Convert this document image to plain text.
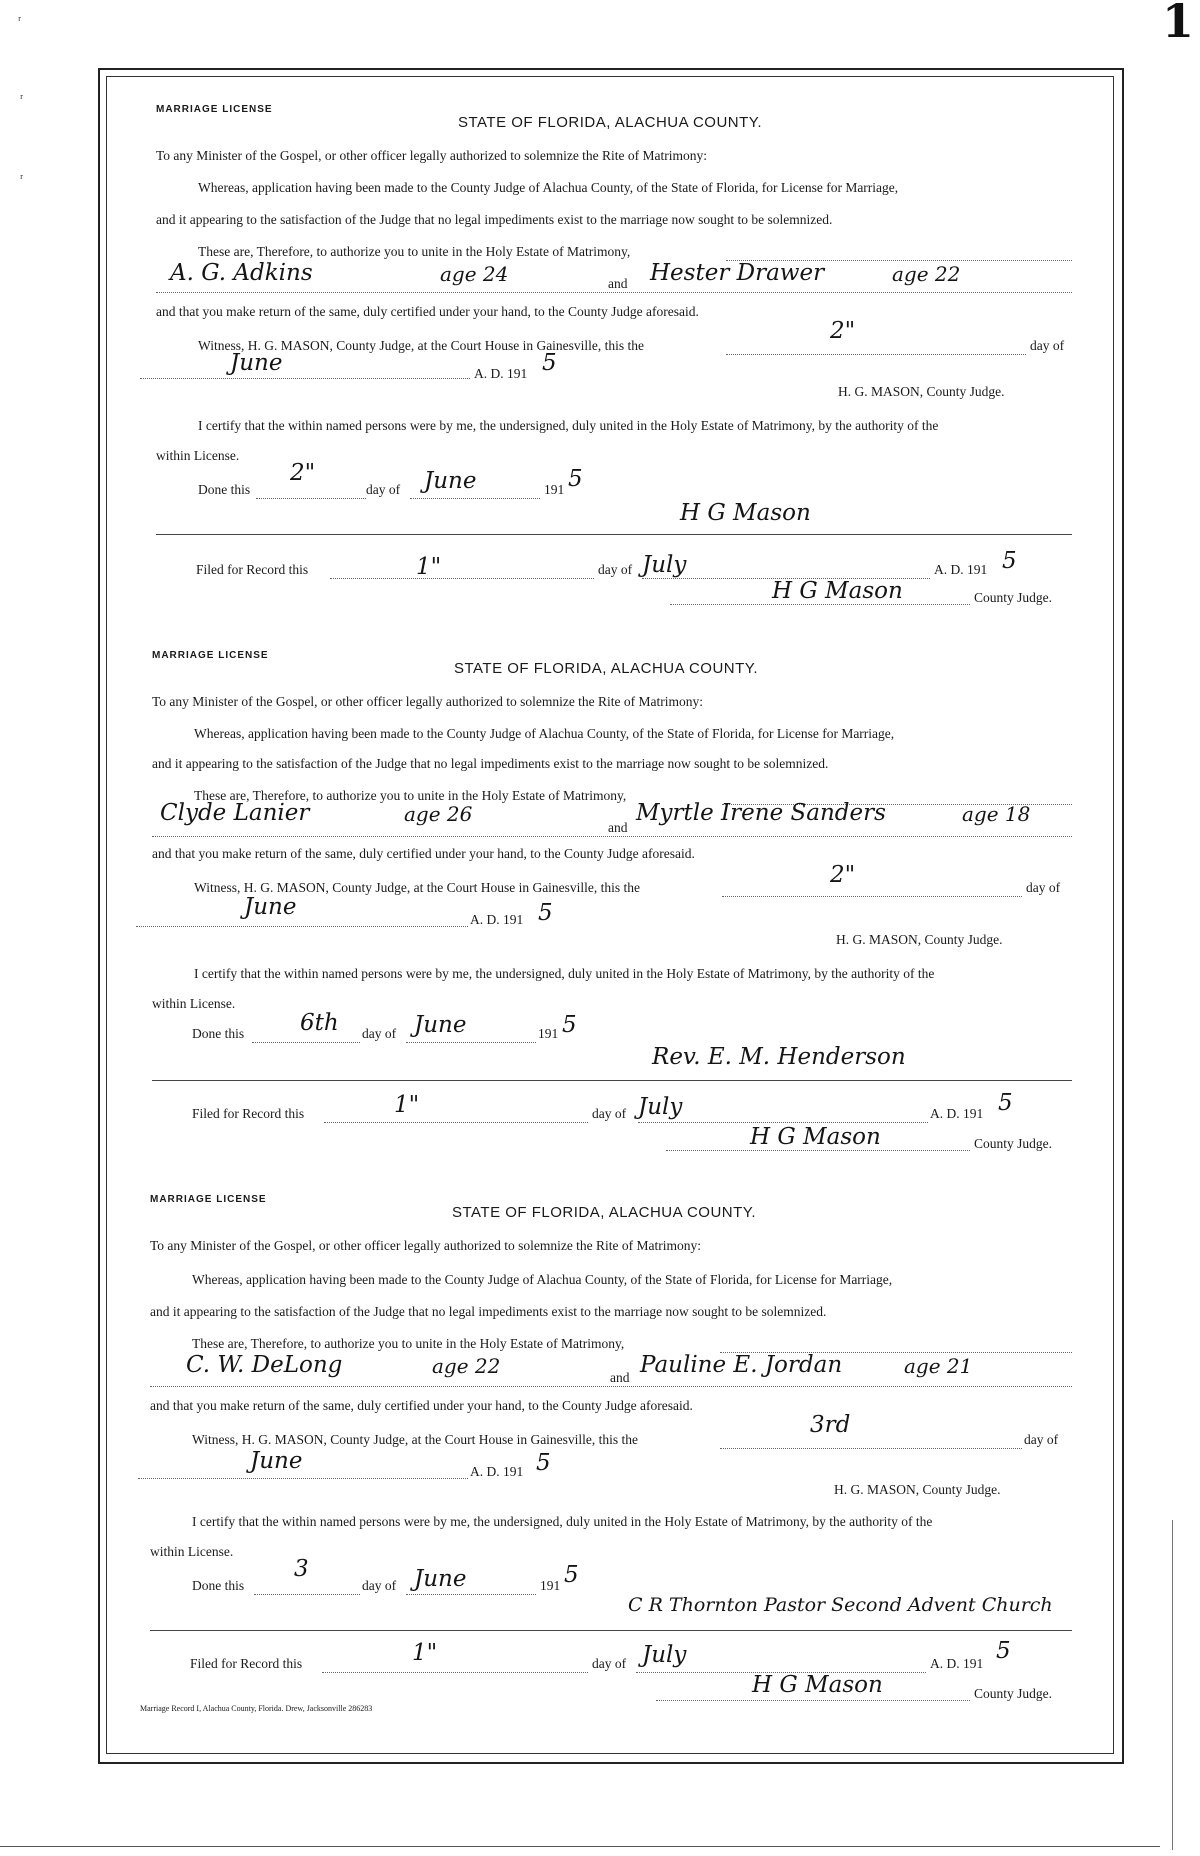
1
ʳ
ʳ
ʳ
MARRIAGE LICENSE
STATE OF FLORIDA, ALACHUA COUNTY.
To any Minister of the Gospel, or other officer legally authorized to solemnize the Rite of Matrimony:
Whereas, application having been made to the County Judge of Alachua County, of the State of Florida, for License for Marriage,
and it appearing to the satisfaction of the Judge that no legal impediments exist to the marriage now sought to be solemnized.
These are, Therefore, to authorize you to unite in the Holy Estate of Matrimony,
A. G. Adkins	age 24	and Hester Drawer	age 22
and that you make return of the same, duly certified under your hand, to the County Judge aforesaid.
Witness, H. G. MASON, County Judge, at the Court House in Gainesville, this the
2"
day of
June	A. D. 191 5
H. G. MASON, County Judge.
I certify that the within named persons were by me, the undersigned, duly united in the Holy Estate of Matrimony, by the authority of the
within License.
Done this
2"
day of June	191 5
H G Mason
Filed for Record this	1"	day of July	A. D. 191 5
H G Mason	County Judge.
MARRIAGE LICENSE
STATE OF FLORIDA, ALACHUA COUNTY.
To any Minister of the Gospel, or other officer legally authorized to solemnize the Rite of Matrimony:
Whereas, application having been made to the County Judge of Alachua County, of the State of Florida, for License for Marriage,
and it appearing to the satisfaction of the Judge that no legal impediments exist to the marriage now sought to be solemnized.
These are, Therefore, to authorize you to unite in the Holy Estate of Matrimony,
Clyde Lanier	age 26
and
Myrtle Irene Sanders	age 18
and that you make return of the same, duly certified under your hand, to the County Judge aforesaid.
Witness, H. G. MASON, County Judge, at the Court House in Gainesville, this the	2"	day of
June	A. D. 191 5
H. G. MASON, County Judge.
I certify that the within named persons were by me, the undersigned, duly united in the Holy Estate of Matrimony, by the authority of the
within License.
Done this 6th day of June	191 5
Rev. E. M. Henderson
Filed for Record this	1"	day of July	A. D. 191 5
H G Mason	County Judge.
MARRIAGE LICENSE
STATE OF FLORIDA, ALACHUA COUNTY.
To any Minister of the Gospel, or other officer legally authorized to solemnize the Rite of Matrimony:
Whereas, application having been made to the County Judge of Alachua County, of the State of Florida, for License for Marriage,
and it appearing to the satisfaction of the Judge that no legal impediments exist to the marriage now sought to be solemnized.
These are, Therefore, to authorize you to unite in the Holy Estate of Matrimony,
C. W. DeLong	age 22	and Pauline E. Jordan	age 21
and that you make return of the same, duly certified under your hand, to the County Judge aforesaid.
Witness, H. G. MASON, County Judge, at the Court House in Gainesville, this the
3rd
day of
June	A. D. 191 5
H. G. MASON, County Judge.
I certify that the within named persons were by me, the undersigned, duly united in the Holy Estate of Matrimony, by the authority of the
within License.
Done this
3
day of June	191 5
C R Thornton Pastor Second Advent Church
Filed for Record this	1"	day of July	A. D. 191 5
H G Mason	County Judge.
Marriage Record I, Alachua County, Florida. Drew, Jacksonville 286283
